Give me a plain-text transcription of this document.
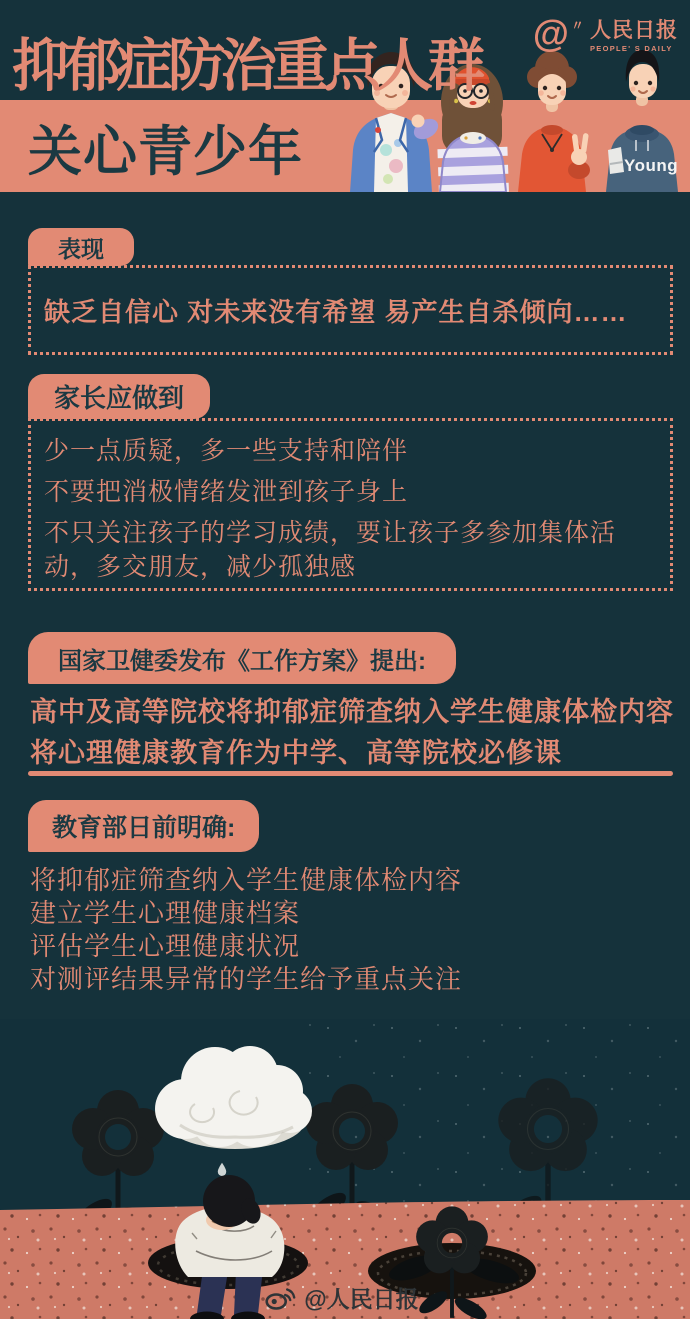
抑郁症防治重点人群
@ 〃 人民日报
PEOPLE' S DAILY
关心青少年	Young
表现
缺乏自信心 对未来没有希望 易产生自杀倾向……
家长应做到

少一点质疑，多一些支持和陪伴

不要把消极情绪发泄到孩子身上

不只关注孩子的学习成绩，要让孩子多参加集体活动，多交朋友，减少孤独感

国家卫健委发布《工作方案》提出:
高中及高等院校将抑郁症筛查纳入学生健康体检内容
将心理健康教育作为中学、高等院校必修课
教育部日前明确:
将抑郁症筛查纳入学生健康体检内容
建立学生心理健康档案
评估学生心理健康状况
对测评结果异常的学生给予重点关注
@人民日报
